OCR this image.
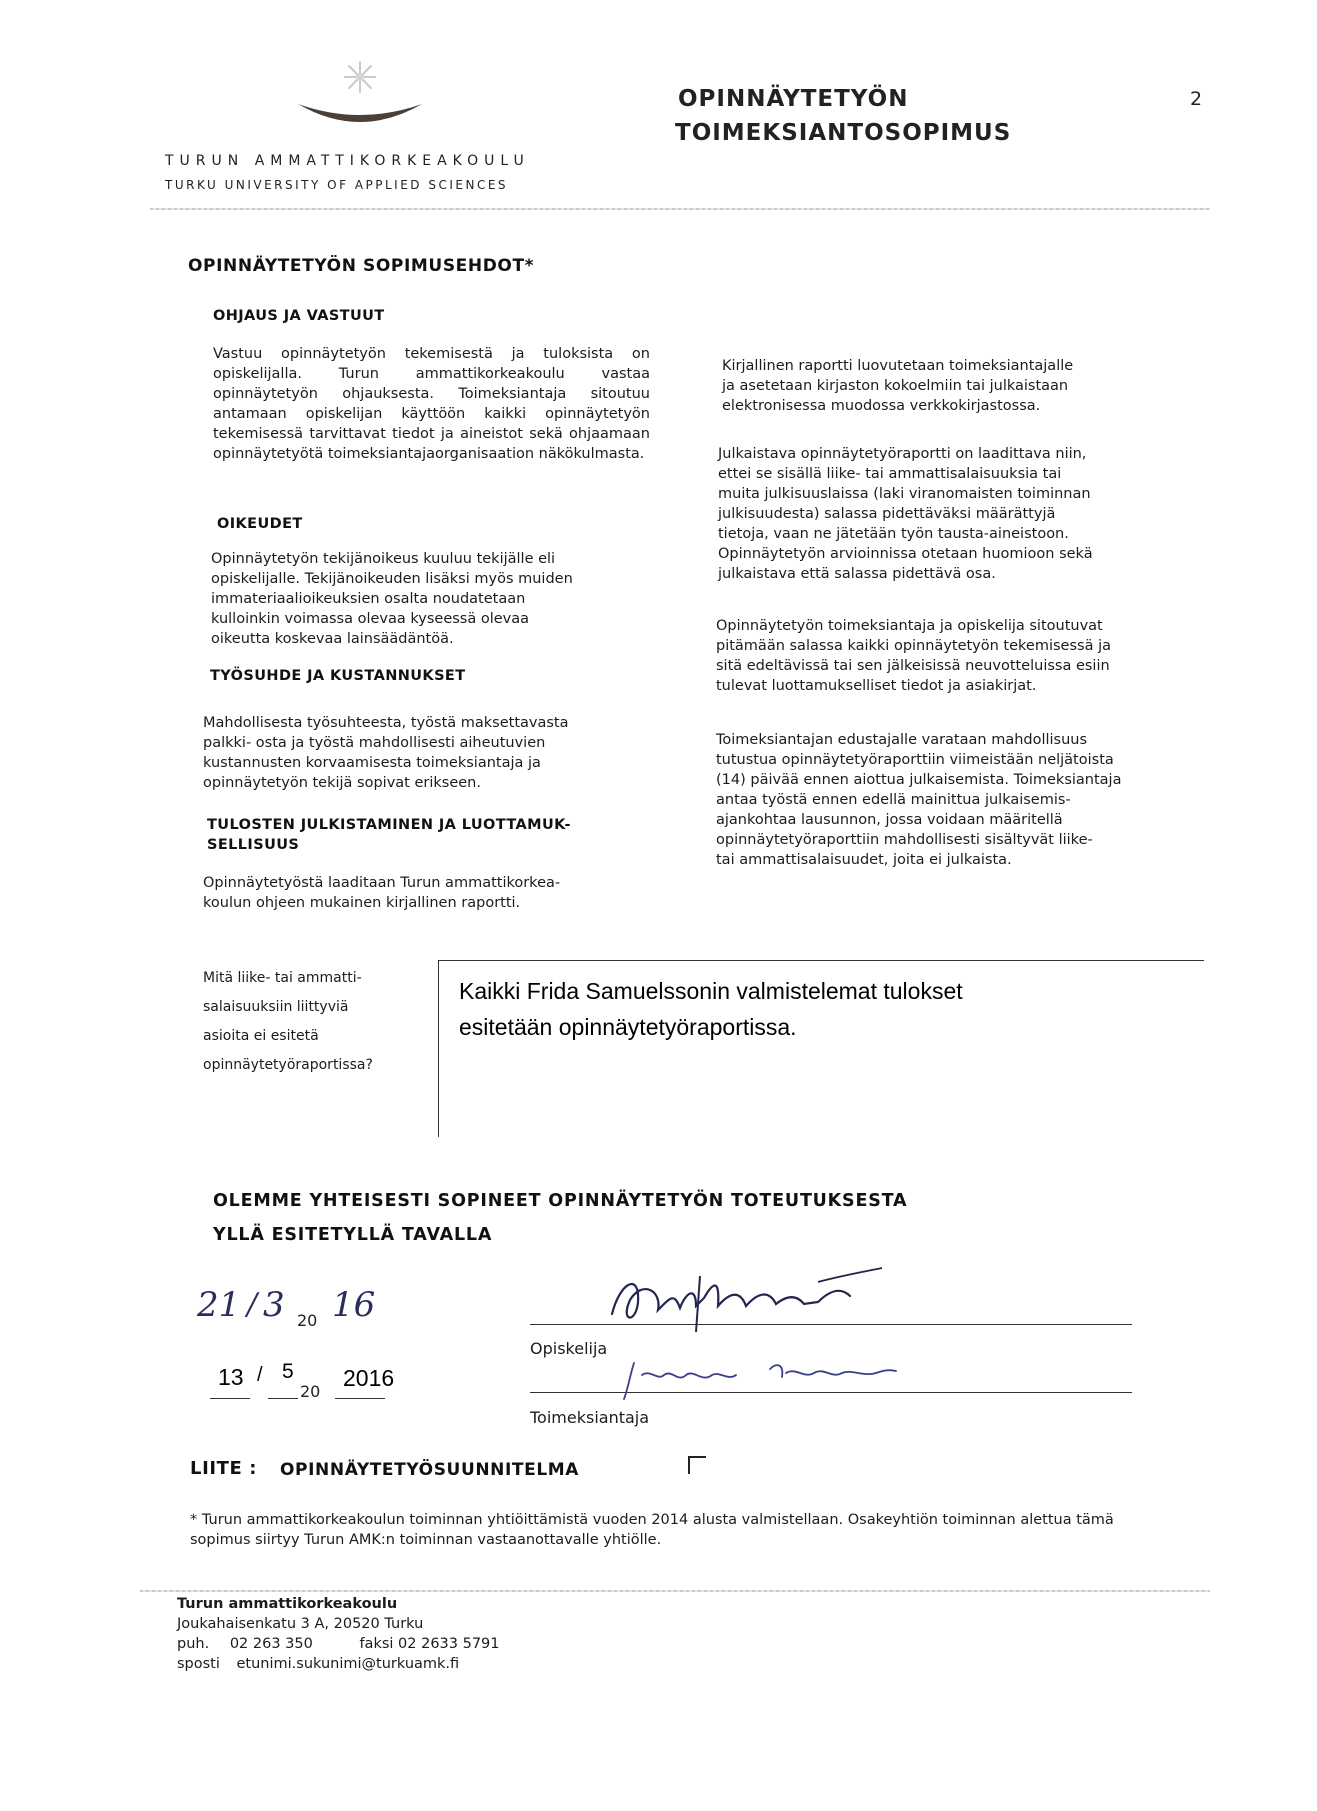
TURUN AMMATTIKORKEAKOULU
TURKU UNIVERSITY OF APPLIED SCIENCES
OPINNÄYTETYÖN
TOIMEKSIANTOSOPIMUS
2
OPINNÄYTETYÖN SOPIMUSEHDOT*
OHJAUS JA VASTUUT
Vastuu opinnäytetyön tekemisestä ja tuloksista on opiskelijalla. Turun ammattikorkeakoulu vastaa opinnäytetyön ohjauksesta. Toimeksiantaja sitoutuu antamaan opiskelijan käyttöön kaikki opinnäytetyön tekemisessä tarvittavat tiedot ja aineistot sekä ohjaamaan opinnäytetyötä toimeksiantajaorganisaation näkökulmasta.
OIKEUDET
Opinnäytetyön tekijänoikeus kuuluu tekijälle eli
opiskelijalle. Tekijänoikeuden lisäksi myös muiden
immateriaalioikeuksien osalta noudatetaan
kulloinkin voimassa olevaa kyseessä olevaa
oikeutta koskevaa lainsäädäntöä.
TYÖSUHDE JA KUSTANNUKSET
Mahdollisesta työsuhteesta, työstä maksettavasta
palkki- osta ja työstä mahdollisesti aiheutuvien
kustannusten korvaamisesta toimeksiantaja ja
opinnäytetyön tekijä sopivat erikseen.
TULOSTEN JULKISTAMINEN JA LUOTTAMUK-
SELLISUUS
Opinnäytetyöstä laaditaan Turun ammattikorkea-
koulun ohjeen mukainen kirjallinen raportti.
Kirjallinen raportti luovutetaan toimeksiantajalle
ja asetetaan kirjaston kokoelmiin tai julkaistaan
elektronisessa muodossa verkkokirjastossa.
Julkaistava opinnäytetyöraportti on laadittava niin,
ettei se sisällä liike- tai ammattisalaisuuksia tai
muita julkisuuslaissa (laki viranomaisten toiminnan
julkisuudesta) salassa pidettäväksi määrättyjä
tietoja, vaan ne jätetään työn tausta-aineistoon.
Opinnäytetyön arvioinnissa otetaan huomioon sekä
julkaistava että salassa pidettävä osa.
Opinnäytetyön toimeksiantaja ja opiskelija sitoutuvat
pitämään salassa kaikki opinnäytetyön tekemisessä ja
sitä edeltävissä tai sen jälkeisissä neuvotteluissa esiin
tulevat luottamukselliset tiedot ja asiakirjat.
Toimeksiantajan edustajalle varataan mahdollisuus
tutustua opinnäytetyöraporttiin viimeistään neljätoista
(14) päivää ennen aiottua julkaisemista. Toimeksiantaja
antaa työstä ennen edellä mainittua julkaisemis-
ajankohtaa lausunnon, jossa voidaan määritellä
opinnäytetyöraporttiin mahdollisesti sisältyvät liike-
tai ammattisalaisuudet, joita ei julkaista.
Mitä liike- tai ammatti-
salaisuuksiin liittyviä
asioita ei esitetä
opinnäytetyöraportissa?
Kaikki Frida Samuelssonin valmistelemat tulokset
esitetään opinnäytetyöraportissa.
OLEMME YHTEISESTI SOPINEET OPINNÄYTETYÖN TOTEUTUKSESTA
YLLÄ ESITETYLLÄ TAVALLA
21 / 3 20 16
Opiskelija
13 / 5
20
2016
Toimeksiantaja
LIITE : OPINNÄYTETYÖSUUNNITELMA
* Turun ammattikorkeakoulun toiminnan yhtiöittämistä vuoden 2014 alusta valmistellaan. Osakeyhtiön toiminnan alettua tämä sopimus siirtyy Turun AMK:n toiminnan vastaanottavalle yhtiölle.
Turun ammattikorkeakoulu
Joukahaisenkatu 3 A, 20520 Turku
puh. 02 263 350	faksi 02 2633 5791
sposti etunimi.sukunimi@turkuamk.fi
